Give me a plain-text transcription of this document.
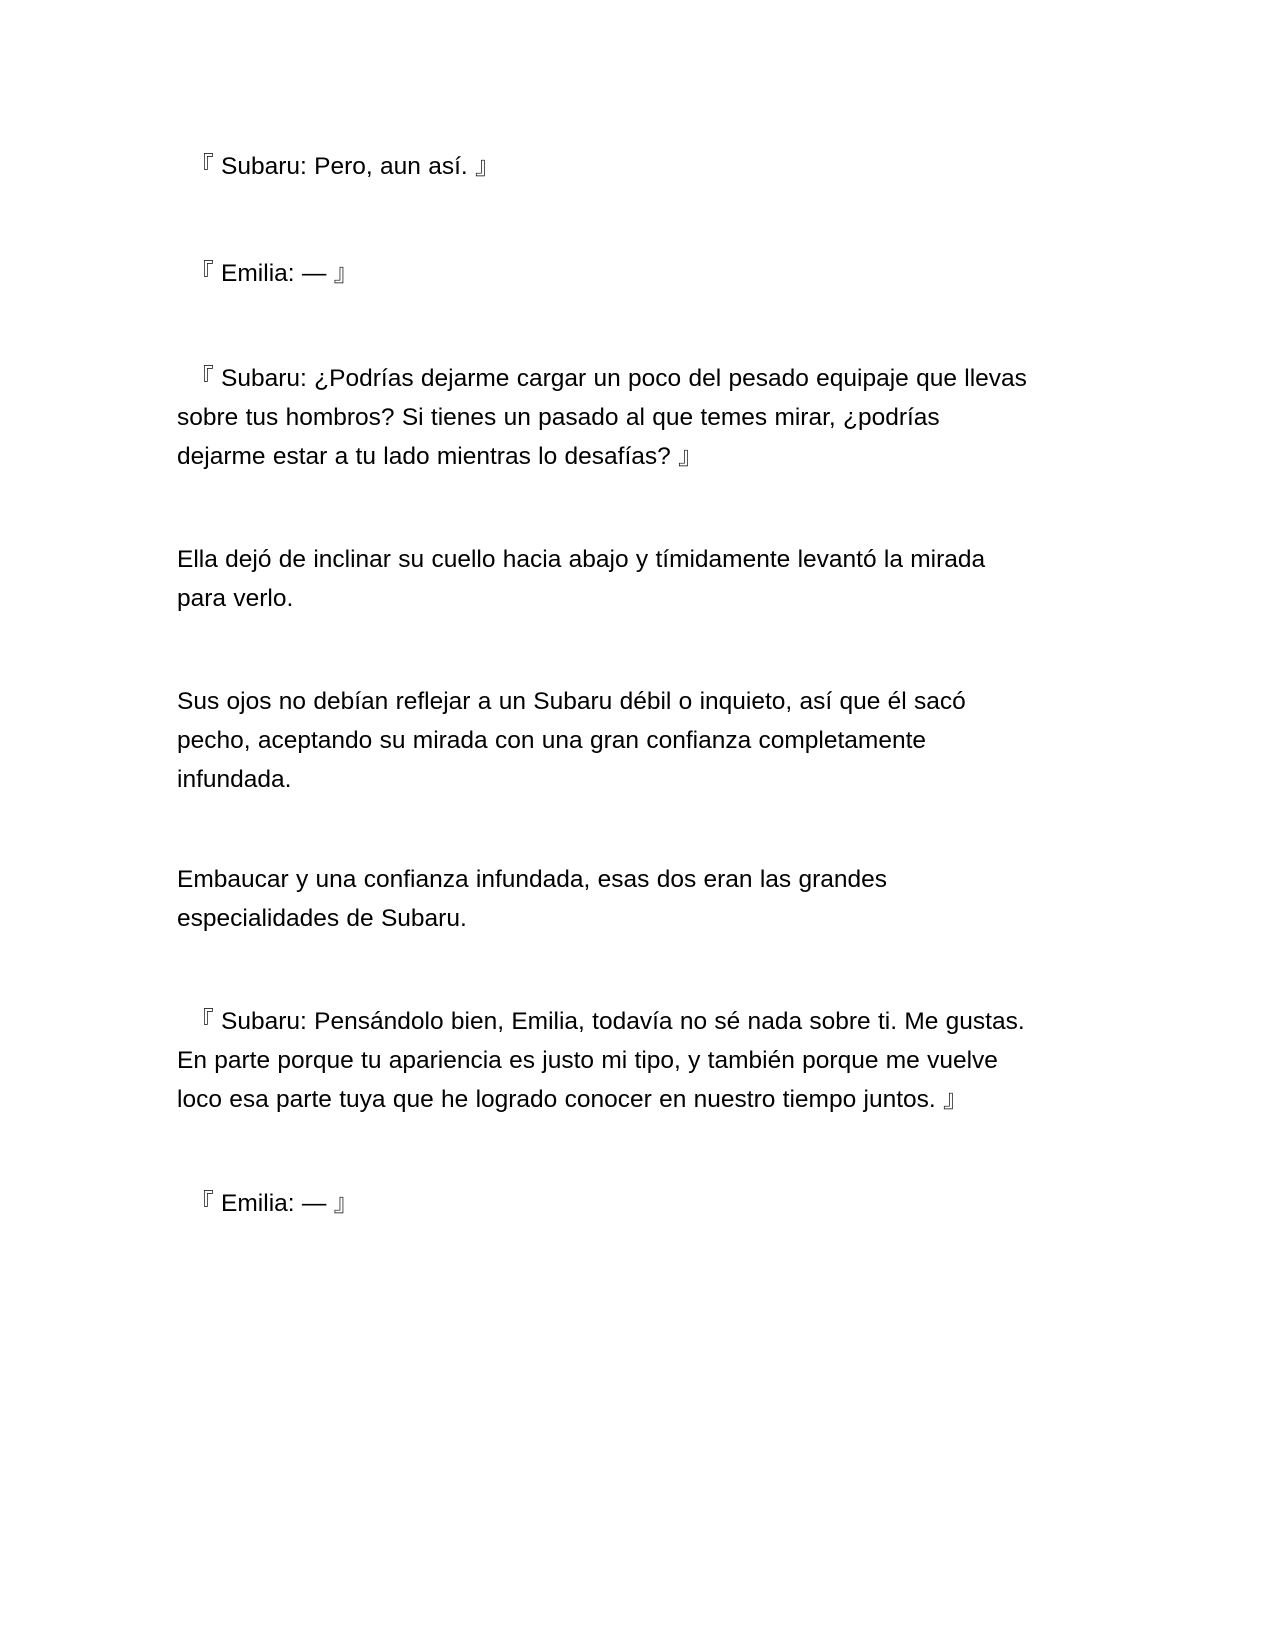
　『 Subaru: Pero, aun así. 』

　『 Emilia: — 』

　『 Subaru: ¿Podrías dejarme cargar un poco del pesado equipaje que llevas
sobre tus hombros? Si tienes un pasado al que temes mirar, ¿podrías
dejarme estar a tu lado mientras lo desafías? 』

Ella dejó de inclinar su cuello hacia abajo y tímidamente levantó la mirada
para verlo.

Sus ojos no debían reflejar a un Subaru débil o inquieto, así que él sacó
pecho, aceptando su mirada con una gran confianza completamente
infundada.

Embaucar y una confianza infundada, esas dos eran las grandes
especialidades de Subaru.

　『 Subaru: Pensándolo bien, Emilia, todavía no sé nada sobre ti. Me gustas.
En parte porque tu apariencia es justo mi tipo, y también porque me vuelve
loco esa parte tuya que he logrado conocer en nuestro tiempo juntos. 』

　『 Emilia: — 』
